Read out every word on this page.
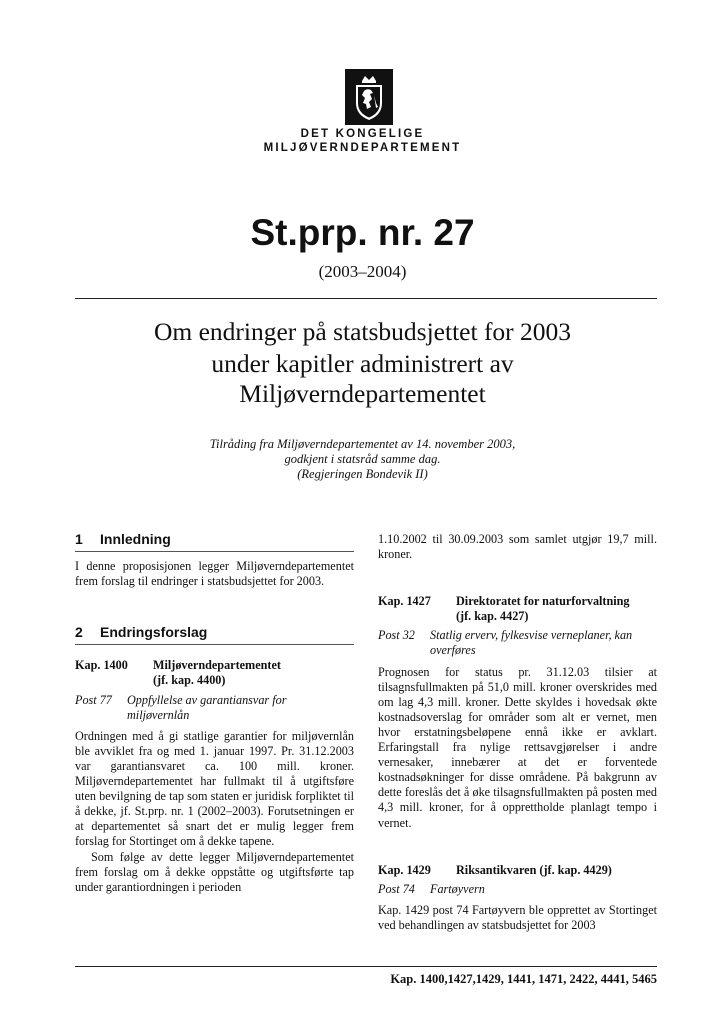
DET KONGELIGE
MILJØVERNDEPARTEMENT
St.prp. nr. 27
(2003–2004)
Om endringer på statsbudsjettet for 2003
under kapitler administrert av
Miljøverndepartementet
Tilråding fra Miljøverndepartementet av 14. november 2003,
godkjent i statsråd samme dag.
(Regjeringen Bondevik II)
1 Innledning

I denne proposisjonen legger Miljøverndepartementet frem forslag til endringer i statsbudsjettet for 2003.

2 Endringsforslag
Kap. 1400	Miljøverndepartementet
(jf. kap. 4400)
Post 77	Oppfyllelse av garantiansvar for
miljøvernlån

Ordningen med å gi statlige garantier for miljøvernlån ble avviklet fra og med 1. januar 1997. Pr. 31.12.2003 var garantiansvaret ca. 100 mill. kroner. Miljøverndepartementet har fullmakt til å utgiftsføre uten bevilgning de tap som staten er juridisk forpliktet til å dekke, jf. St.prp. nr. 1 (2002–2003). Forutsetningen er at departementet så snart det er mulig legger frem forslag for Stortinget om å dekke tapene.

Som følge av dette legger Miljøverndepartementet frem forslag om å dekke oppståtte og utgiftsførte tap under garantiordningen i perioden

1.10.2002 til 30.09.2003 som samlet utgjør 19,7 mill. kroner.

Kap. 1427	Direktoratet for naturforvaltning
(jf. kap. 4427)
Post 32	Statlig erverv, fylkesvise verneplaner, kan
overføres

Prognosen for status pr. 31.12.03 tilsier at tilsagnsfullmakten på 51,0 mill. kroner overskrides med om lag 4,3 mill. kroner. Dette skyldes i hovedsak økte kostnadsoverslag for områder som alt er vernet, men hvor erstatningsbeløpene ennå ikke er avklart. Erfaringstall fra nylige rettsavgjørelser i andre vernesaker, innebærer at det er forventede kostnadsøkninger for disse områdene. På bakgrunn av dette foreslås det å øke tilsagnsfullmakten på posten med 4,3 mill. kroner, for å opprettholde planlagt tempo i vernet.

Kap. 1429	Riksantikvaren (jf. kap. 4429)
Post 74	Fartøyvern

Kap. 1429 post 74 Fartøyvern ble opprettet av Stortinget ved behandlingen av statsbudsjettet for 2003

Kap. 1400,1427,1429, 1441, 1471, 2422, 4441, 5465
